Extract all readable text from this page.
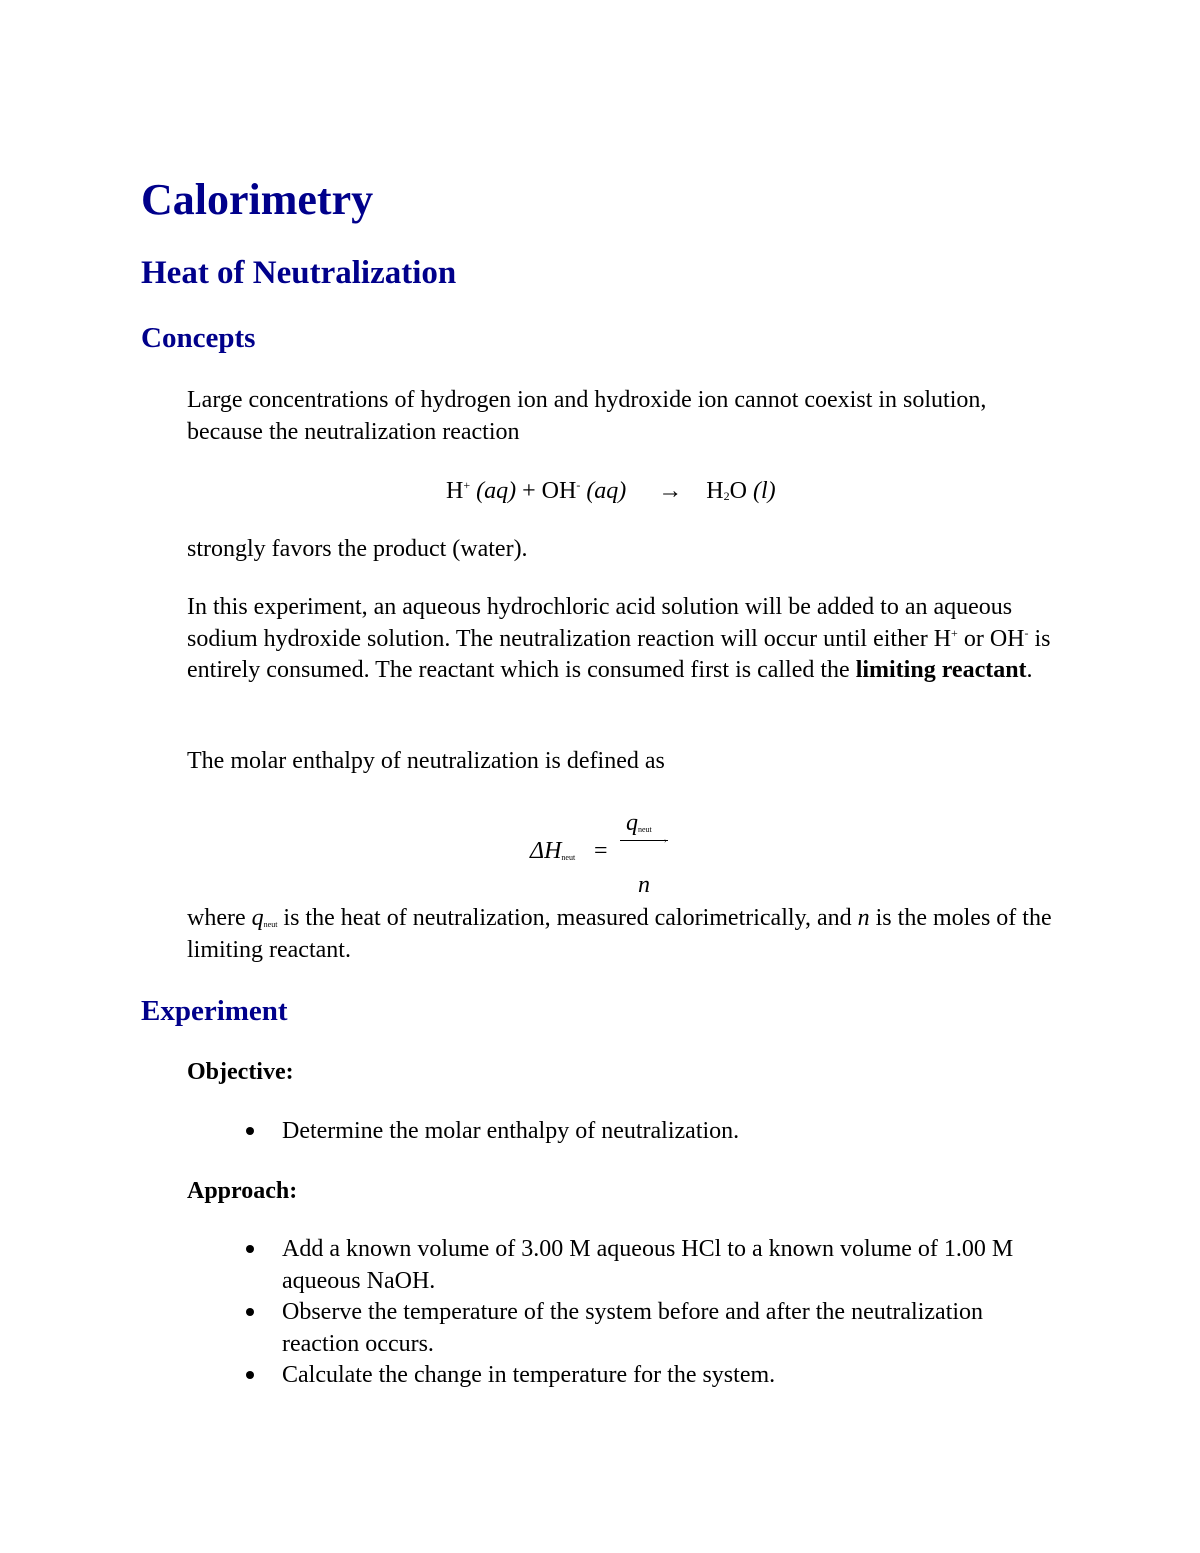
Calorimetry
Heat of Neutralization
Concepts

Large concentrations of hydrogen ion and hydroxide ion cannot coexist in solution, because the neutralization reaction

H+ (aq) + OH- $(aq) \to H_2O$ (l)

strongly favors the product (water).

In this experiment, an aqueous hydrochloric acid solution will be added to an aqueous sodium hydroxide solution. The neutralization reaction will occur until either H+ or OH- is entirely consumed. The reactant which is consumed first is called the limiting reactant.

The molar enthalpy of neutralization is defined as

$q_{neut}$
›
$\Delta H_{neut}$ =
n

where $q_{neut}$ is the heat of neutralization, measured calorimetrically, and n is the moles of the limiting reactant.

Experiment

Objective:

Determine the molar enthalpy of neutralization.

Approach:

Add a known volume of 3.00 M aqueous HCl to a known volume of 1.00 M aqueous NaOH.
Observe the temperature of the system before and after the neutralization reaction occurs.
Calculate the change in temperature for the system.
